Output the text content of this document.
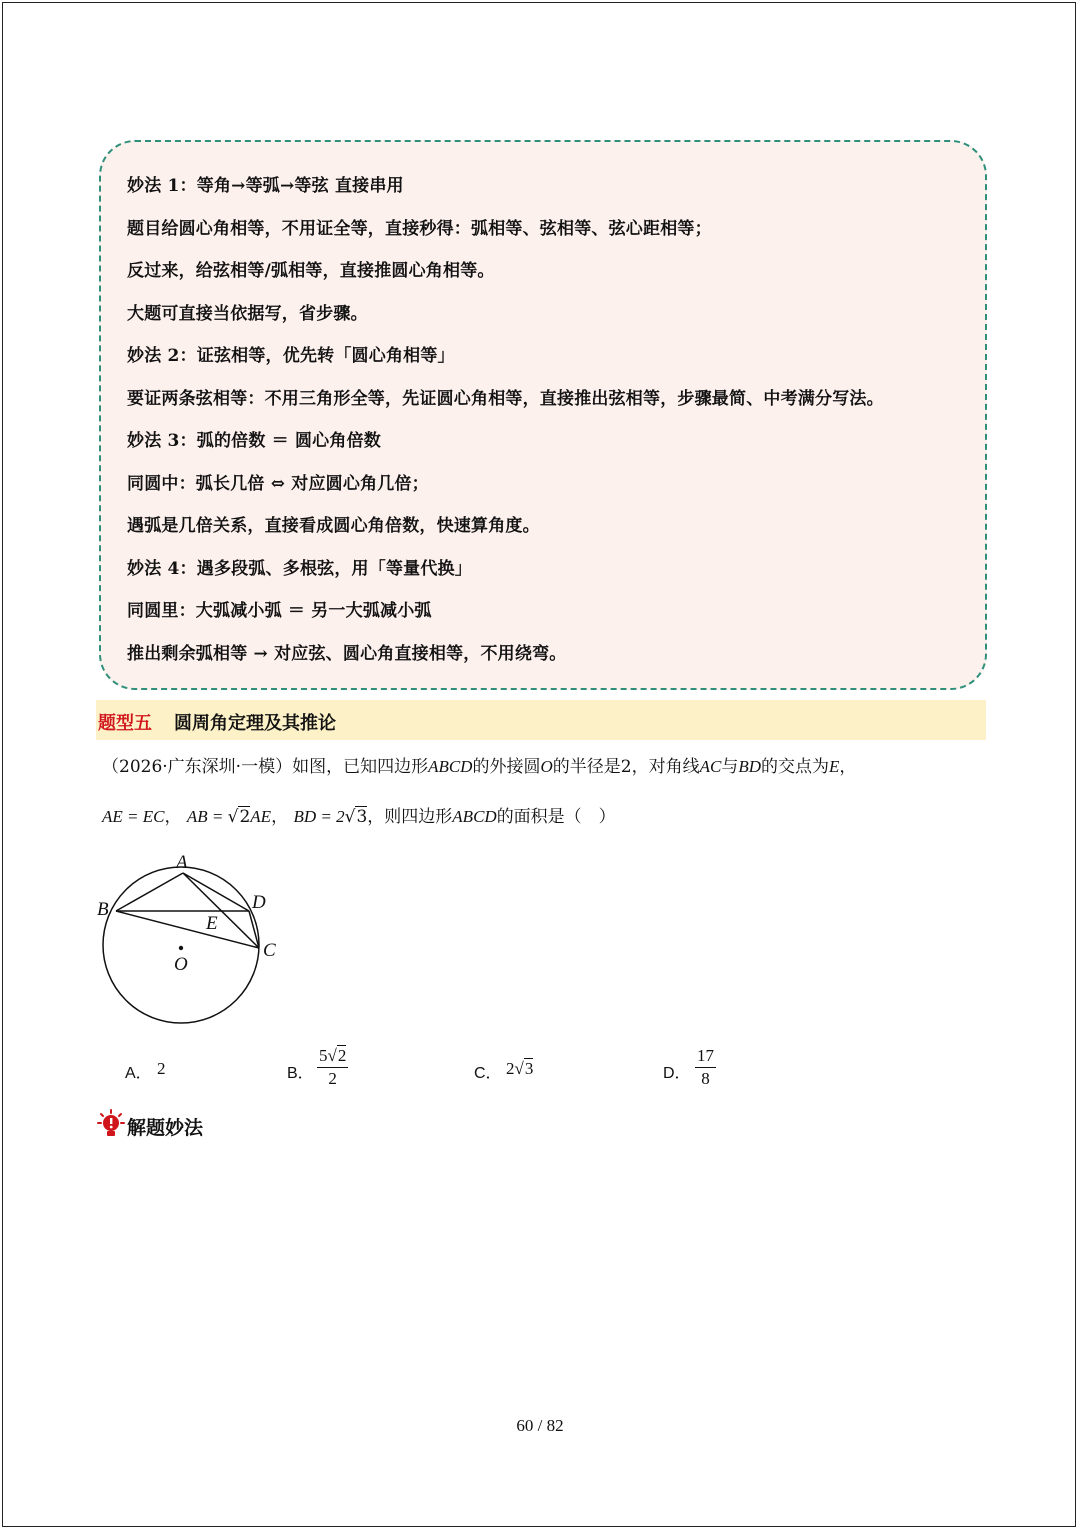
妙法 1：等角→等弧→等弦 直接串用
题目给圆心角相等，不用证全等，直接秒得：弧相等、弦相等、弦心距相等；
反过来，给弦相等/弧相等，直接推圆心角相等。
大题可直接当依据写，省步骤。
妙法 2：证弦相等，优先转「圆心角相等」
要证两条弦相等：不用三角形全等，先证圆心角相等，直接推出弦相等，步骤最简、中考满分写法。
妙法 3：弧的倍数 ＝ 圆心角倍数
同圆中：弧长几倍 ⇔ 对应圆心角几倍；
遇弧是几倍关系，直接看成圆心角倍数，快速算角度。
妙法 4：遇多段弧、多根弦，用「等量代换」
同圆里：大弧减小弧 ＝ 另一大弧减小弧
推出剩余弧相等 → 对应弦、圆心角直接相等，不用绕弯。
题型五 圆周角定理及其推论
（2026·广东深圳·一模）如图，已知四边形ABCD的外接圆O的半径是2，对角线AC与BD的交点为E，
AE = EC， AB = √2AE， BD = 2√3，则四边形ABCD的面积是（　）
A
B
C
D
E
O
A． 2	B． $\frac{5√2}{2}$	C． 2√3	D． $\frac{17}{8}$
解题妙法
60 / 82
